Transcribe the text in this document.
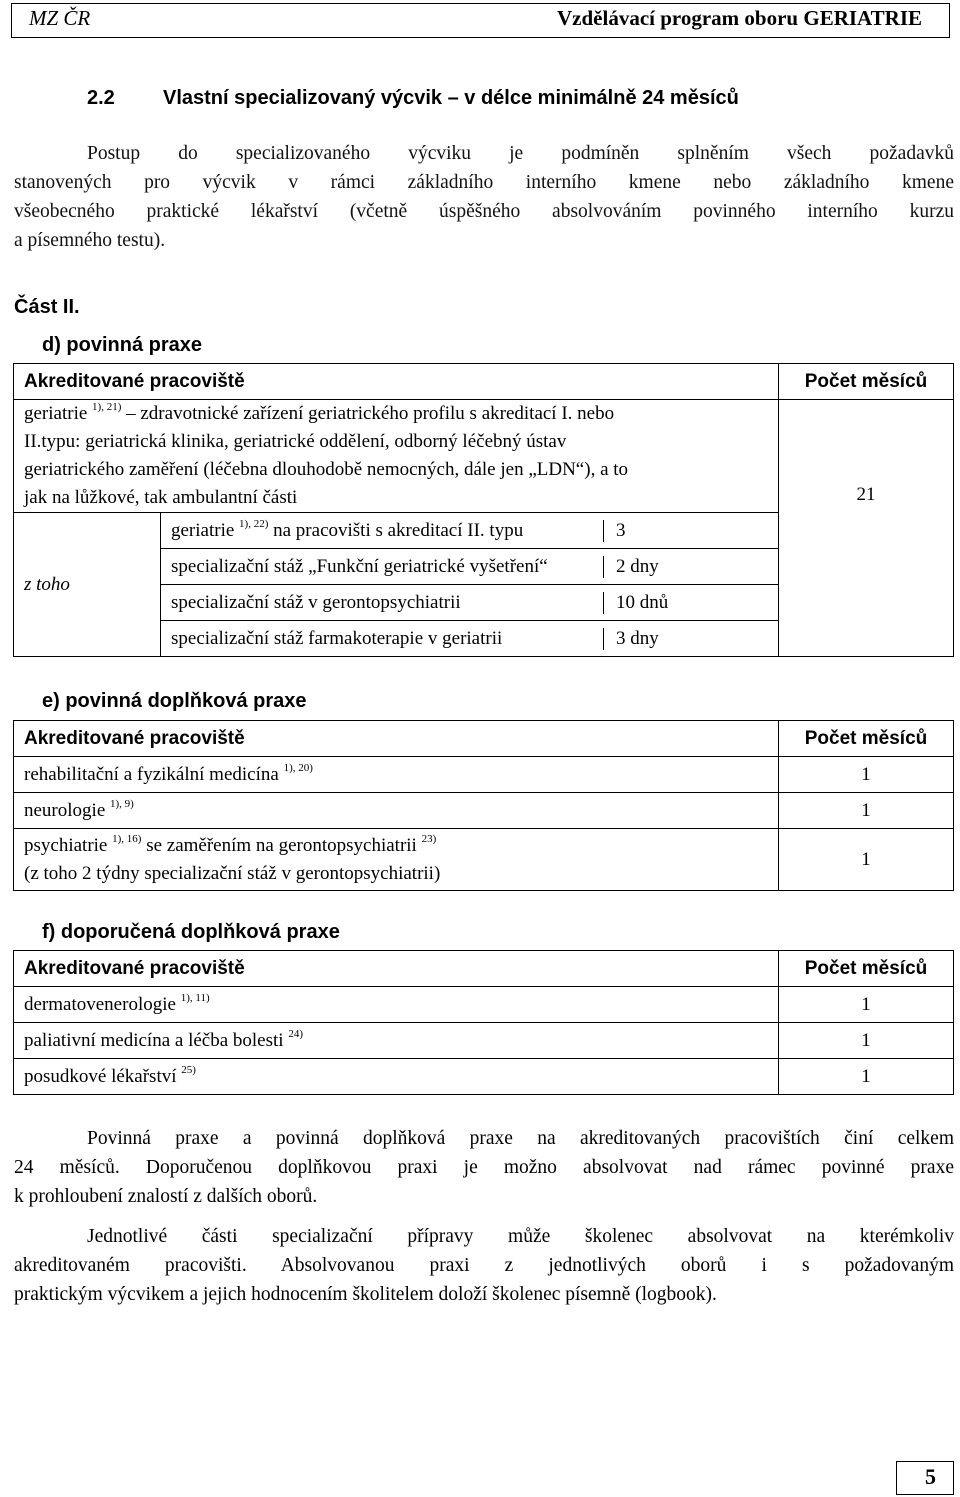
MZ ČR	Vzdělávací program oboru GERIATRIE
2.2 Vlastní specializovaný výcvik – v délce minimálně 24 měsíců
Postup do specializovaného výcviku je podmíněn splněním všech požadavků
stanovených pro výcvik v rámci základního interního kmene nebo základního kmene
všeobecného praktické lékařství (včetně úspěšného absolvováním povinného interního kurzu
a písemného testu).
Část II.
d) povinná praxe
Akreditované pracoviště	Počet měsíců

geriatrie $^{1), 21)}$ – zdravotnické zařízení geriatrického profilu s akreditací I. nebo
II.typu: geriatrická klinika, geriatrické oddělení, odborný léčebný ústav
geriatrického zaměření (léčebna dlouhodobě nemocných, dále jen „LDN“), a to
jak na lůžkové, tak ambulantní části	21
z toho	
geriatrie $^{1), 22)}$ na pracovišti s akreditací II. typu	3

specializační stáž „Funkční geriatrické vyšetření“	2 dny

specializační stáž v gerontopsychiatrii	10 dnů

specializační stáž farmakoterapie v geriatrii	3 dny
e) povinná doplňková praxe
Akreditované pracoviště	Počet měsíců
rehabilitační a fyzikální medicína $^{1), 20)}$	1
neurologie $^{1), 9)}$	1

psychiatrie $^{1), 16)}$ se zaměřením na gerontopsychiatrii $^{23)}$
(z toho 2 týdny specializační stáž v gerontopsychiatrii)	1
f) doporučená doplňková praxe
Akreditované pracoviště	Počet měsíců
dermatovenerologie $^{1), 11)}$	1
paliativní medicína a léčba bolesti $^{24)}$	1
posudkové lékařství $^{25)}$	1
Povinná praxe a povinná doplňková praxe na akreditovaných pracovištích činí celkem
24 měsíců. Doporučenou doplňkovou praxi je možno absolvovat nad rámec povinné praxe
k prohloubení znalostí z dalších oborů.
Jednotlivé části specializační přípravy může školenec absolvovat na kterémkoliv
akreditovaném pracovišti. Absolvovanou praxi z jednotlivých oborů i s požadovaným
praktickým výcvikem a jejich hodnocením školitelem doloží školenec písemně (logbook).
5
